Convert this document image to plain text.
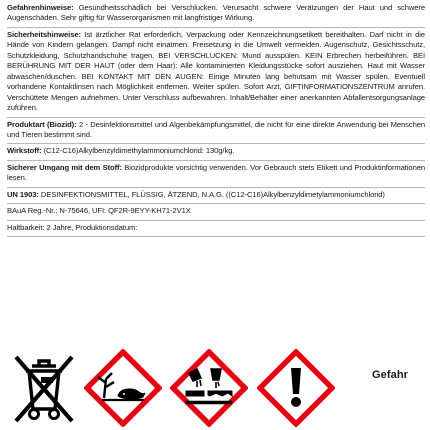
Gefahrenhinweise: Gesundheitsschädlich bei Verschlucken. Verursacht schwere Verätzungen der Haut und schwere Augenschäden. Sehr giftig für Wasserorganismen mit langfristiger Wirkung.

Sicherheitshinweise: Ist ärztlicher Rat erforderlich, Verpackung oder Kennzeichnungsetikett bereithalten. Darf nicht in die Hände von Kindern gelangen. Dampf nicht einatmen. Freisetzung in die Umwelt vermeiden. Augenschutz, Gesichtsschutz, Schutzkleidung, Schutzhandschuhe tragen. BEI VERSCHLUCKEN: Mund ausspülen. KEIN Erbrechen herbeiführen. BEI BERÜHRUNG MIT DER HAUT (oder dem Haar): Alle kontaminierten Kleidungsstücke sofort ausziehen. Haut mit Wasser abwaschen/duschen. BEI KONTAKT MIT DEN AUGEN: Einige Minuten lang behutsam mit Wasser spülen. Eventuell vorhandene Kontaktlinsen nach Möglichkeit entfernen. Weiter spülen. Sofort Arzt, GIFTINFORMATIONSZENTRUM anrufen. Verschüttete Mengen aufnehmen. Unter Verschluss aufbewahren. Inhalt/Behälter einer anerkannten Abfallentsorgungsanlage zuführen.

Produktart (Biozid): 2 - Desinfektionsmittel und Algenbekämpfungsmittel, die nicht für eine direkte Anwendung bei Menschen und Tieren bestimmt sind.

Wirkstoff: (C12-C16)Alkylbenzyldimethylammoniumchlorid: 130g/kg.

Sicherer Umgang mit dem Stoff: Biozidprodukte vorsichtig verwenden. Vor Gebrauch stets Etikett und Produktinformationen lesen.

UN 1903: DESINFEKTIONSMITTEL, FLÜSSIG, ÄTZEND, N.A.G. ((C12-C16)Alkylbenzyldimetylammoniumchlorid)

BAuA Reg.-Nr.: N-75646, UFI: QF2R-9EYY-KH71-2V1X

Haltbarkeit: 2 Jahre, Produktionsdatum:

Gefahr
